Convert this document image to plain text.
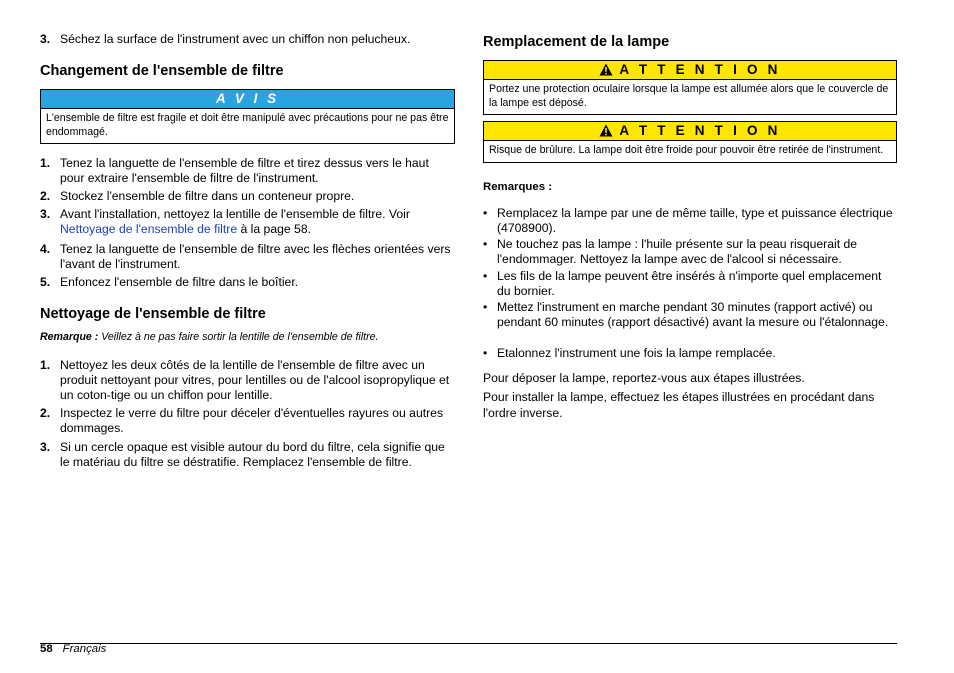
3. Séchez la surface de l'instrument avec un chiffon non pelucheux.
Changement de l'ensemble de filtre
A V I S
L'ensemble de filtre est fragile et doit être manipulé avec précautions pour ne pas être endommagé.
1. Tenez la languette de l'ensemble de filtre et tirez dessus vers le haut pour extraire l'ensemble de filtre de l'instrument.
2. Stockez l'ensemble de filtre dans un conteneur propre.
3. Avant l'installation, nettoyez la lentille de l'ensemble de filtre. Voir Nettoyage de l'ensemble de filtre à la page 58.
4. Tenez la languette de l'ensemble de filtre avec les flèches orientées vers l'avant de l'instrument.
5. Enfoncez l'ensemble de filtre dans le boîtier.
Nettoyage de l'ensemble de filtre
Remarque : Veillez à ne pas faire sortir la lentille de l'ensemble de filtre.
1. Nettoyez les deux côtés de la lentille de l'ensemble de filtre avec un produit nettoyant pour vitres, pour lentilles ou de l'alcool isopropylique et un coton-tige ou un chiffon pour lentille.
2. Inspectez le verre du filtre pour déceler d'éventuelles rayures ou autres dommages.
3. Si un cercle opaque est visible autour du bord du filtre, cela signifie que le matériau du filtre se déstratifie. Remplacez l'ensemble de filtre.
Remplacement de la lampe
A T T E N T I O N
Portez une protection oculaire lorsque la lampe est allumée alors que le couvercle de la lampe est déposé.
A T T E N T I O N
Risque de brûlure. La lampe doit être froide pour pouvoir être retirée de l'instrument.
Remarques :
• Remplacez la lampe par une de même taille, type et puissance électrique (4708900).
• Ne touchez pas la lampe : l'huile présente sur la peau risquerait de l'endommager. Nettoyez la lampe avec de l'alcool si nécessaire.
• Les fils de la lampe peuvent être insérés à n'importe quel emplacement du bornier.
• Mettez l'instrument en marche pendant 30 minutes (rapport activé) ou pendant 60 minutes (rapport désactivé) avant la mesure ou l'étalonnage.
• Etalonnez l'instrument une fois la lampe remplacée.
Pour déposer la lampe, reportez-vous aux étapes illustrées.
Pour installer la lampe, effectuez les étapes illustrées en procédant dans l'ordre inverse.
58 Français
